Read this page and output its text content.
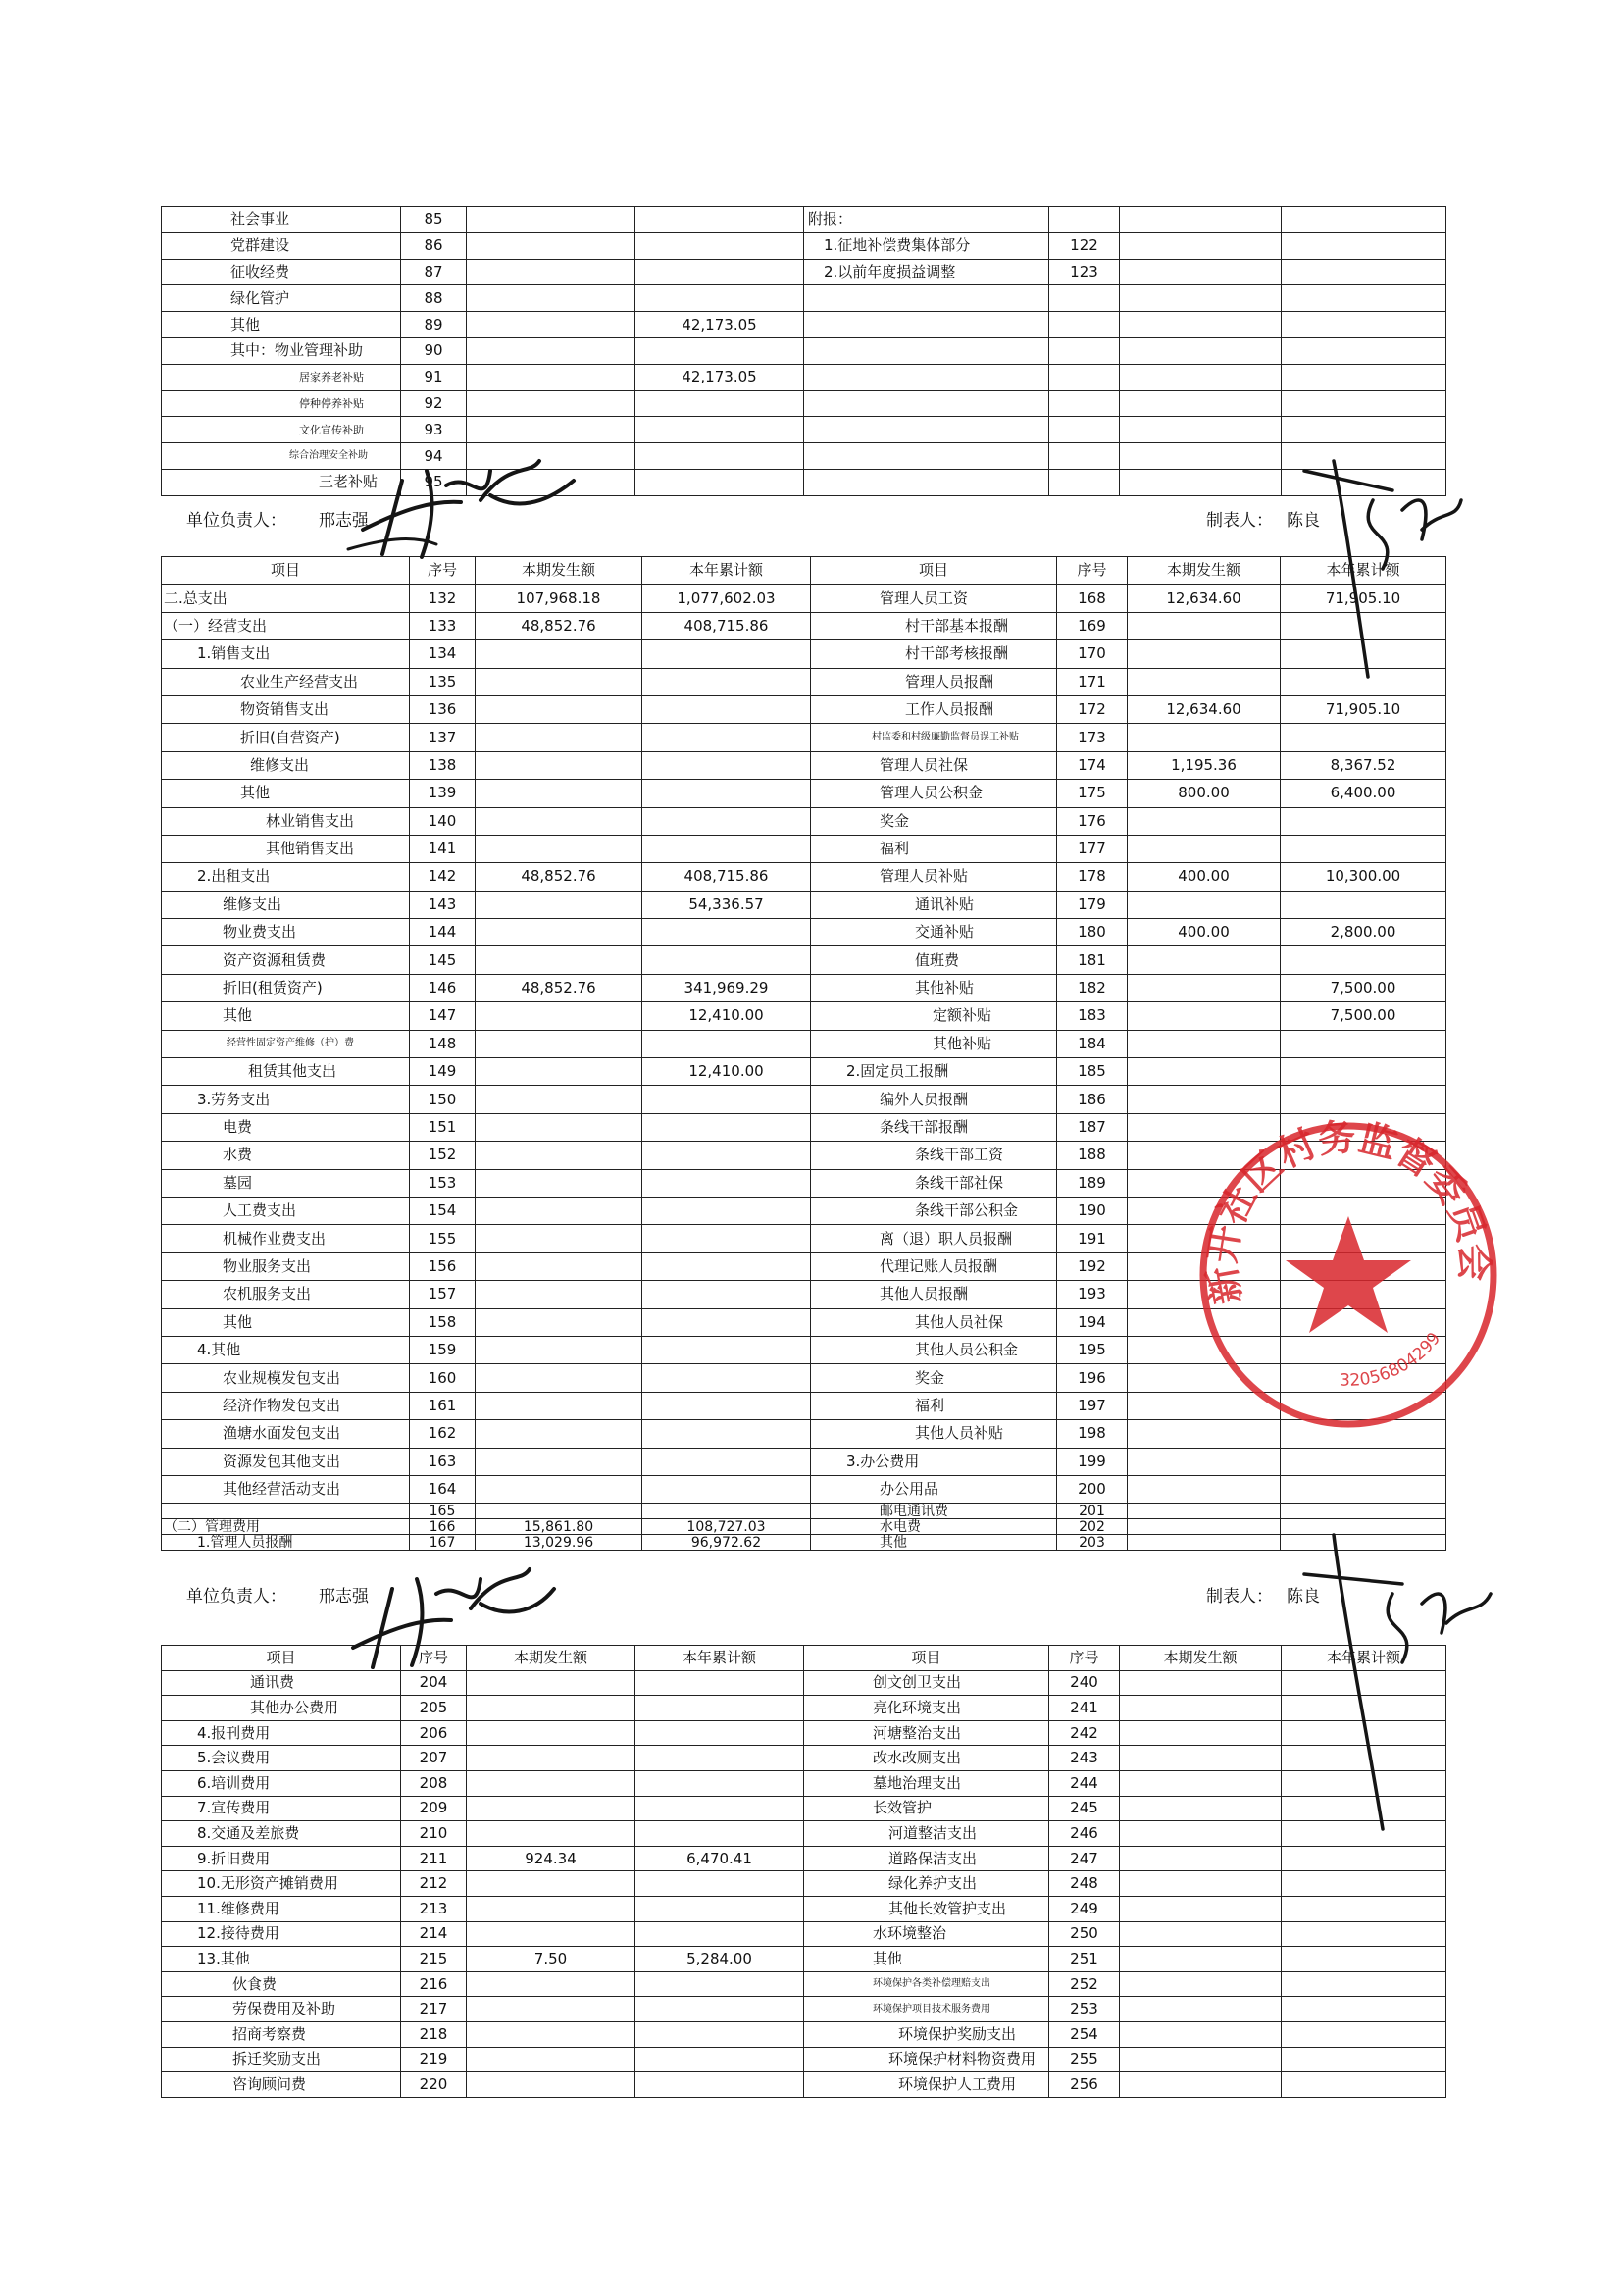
社会事业	85			附报：			
党群建设	86			1.征地补偿费集体部分	122		
征收经费	87			2.以前年度损益调整	123		
绿化管护	88						
其他	89		42,173.05				
其中：物业管理补助	90						
居家养老补贴	91		42,173.05				
停种停养补贴	92						
文化宣传补助	93						
综合治理安全补助	94						
三老补贴	95						
单位负责人： 邢志强	制表人： 陈良
项目	序号	本期发生额	本年累计额	项目	序号	本期发生额	本年累计额
二.总支出	132	107,968.18	1,077,602.03	管理人员工资	168	12,634.60	71,905.10
（一）经营支出	133	48,852.76	408,715.86	村干部基本报酬	169		
1.销售支出	134			村干部考核报酬	170		
农业生产经营支出	135			管理人员报酬	171		
物资销售支出	136			工作人员报酬	172	12,634.60	71,905.10
折旧(自营资产)	137			村监委和村级廉勤监督员误工补贴	173		
维修支出	138			管理人员社保	174	1,195.36	8,367.52
其他	139			管理人员公积金	175	800.00	6,400.00
林业销售支出	140			奖金	176		
其他销售支出	141			福利	177		
2.出租支出	142	48,852.76	408,715.86	管理人员补贴	178	400.00	10,300.00
维修支出	143		54,336.57	通讯补贴	179		
物业费支出	144			交通补贴	180	400.00	2,800.00
资产资源租赁费	145			值班费	181		
折旧(租赁资产)	146	48,852.76	341,969.29	其他补贴	182		7,500.00
其他	147		12,410.00	定额补贴	183		7,500.00
经营性固定资产维修（护）费	148			其他补贴	184		
租赁其他支出	149		12,410.00	2.固定员工报酬	185		
3.劳务支出	150			编外人员报酬	186		
电费	151			条线干部报酬	187		
水费	152			条线干部工资	188		
墓园	153			条线干部社保	189		
人工费支出	154			条线干部公积金	190		
机械作业费支出	155			离（退）职人员报酬	191		
物业服务支出	156			代理记账人员报酬	192		
农机服务支出	157			其他人员报酬	193		
其他	158			其他人员社保	194		
4.其他	159			其他人员公积金	195		
农业规模发包支出	160			奖金	196		
经济作物发包支出	161			福利	197		
渔塘水面发包支出	162			其他人员补贴	198		
资源发包其他支出	163			3.办公费用	199		
其他经营活动支出	164			办公用品	200		
	165			邮电通讯费	201		
（二）管理费用	166	15,861.80	108,727.03	水电费	202		
1.管理人员报酬	167	13,029.96	96,972.62	其他	203		
单位负责人： 邢志强	制表人： 陈良
项目	序号	本期发生额	本年累计额	项目	序号	本期发生额	本年累计额
通讯费	204			创文创卫支出	240		
其他办公费用	205			亮化环境支出	241		
4.报刊费用	206			河塘整治支出	242		
5.会议费用	207			改水改厕支出	243		
6.培训费用	208			墓地治理支出	244		
7.宣传费用	209			长效管护	245		
8.交通及差旅费	210			河道整洁支出	246		
9.折旧费用	211	924.34	6,470.41	道路保洁支出	247		
10.无形资产摊销费用	212			绿化养护支出	248		
11.维修费用	213			其他长效管护支出	249		
12.接待费用	214			水环境整治	250		
13.其他	215	7.50	5,284.00	其他	251		
伙食费	216			环境保护各类补偿理赔支出	252		
劳保费用及补助	217			环境保护项目技术服务费用	253		
招商考察费	218			环境保护奖励支出	254		
拆迁奖励支出	219			环境保护材料物资费用	255		
咨询顾问费	220			环境保护人工费用	256		
新开社区村务监督委员会
32056804299
